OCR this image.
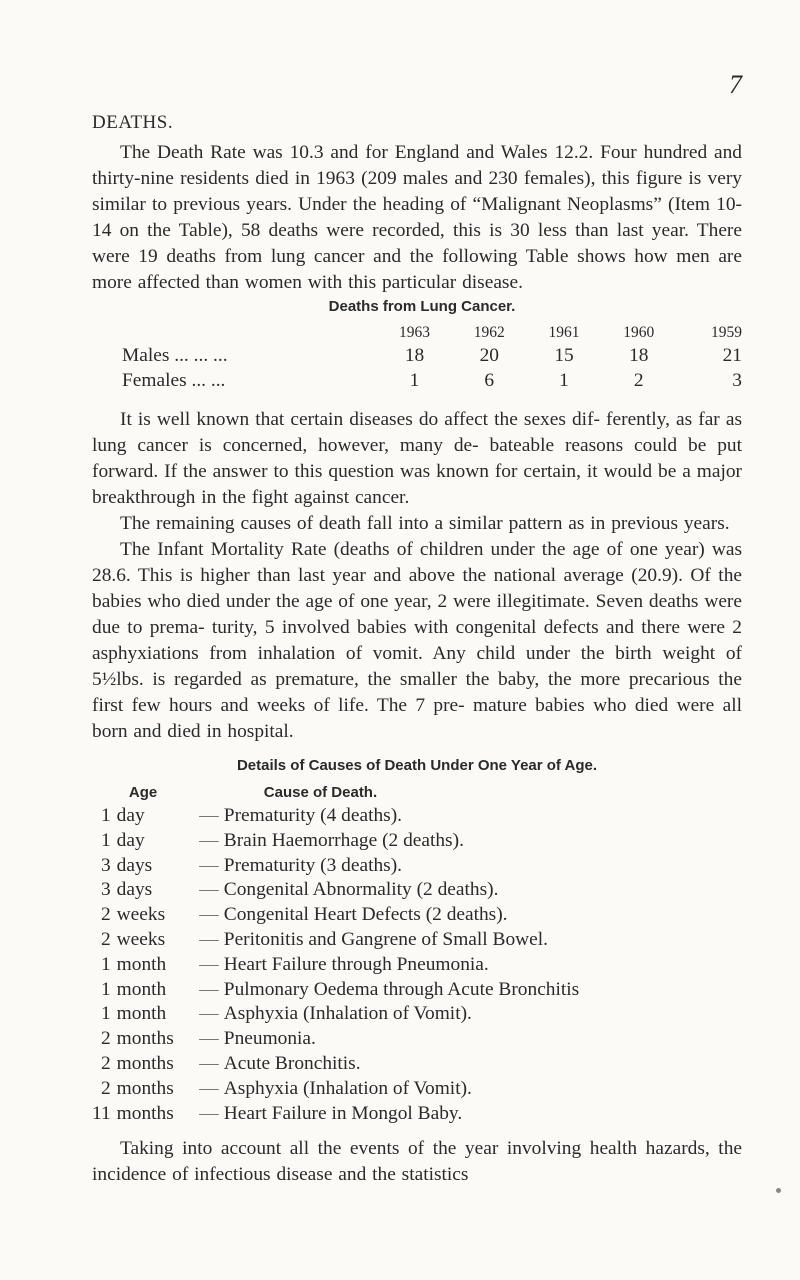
7
DEATHS.

The Death Rate was 10.3 and for England and Wales 12.2. Four hundred and thirty-nine residents died in 1963 (209 males and 230 females), this figure is very similar to previous years. Under the heading of “Malignant Neoplasms” (Item 10-14 on the Table), 58 deaths were recorded, this is 30 less than last year. There were 19 deaths from lung cancer and the following Table shows how men are more affected than women with this particular disease.

Deaths from Lung Cancer.
	1963	1962	1961	1960	1959
Males ... ... ...	18	20	15	18	21
Females ... ...	1	6	1	2	3

It is well known that certain diseases do affect the sexes dif- ferently, as far as lung cancer is concerned, however, many de- bateable reasons could be put forward. If the answer to this question was known for certain, it would be a major breakthrough in the fight against cancer.

The remaining causes of death fall into a similar pattern as in previous years.

The Infant Mortality Rate (deaths of children under the age of one year) was 28.6. This is higher than last year and above the national average (20.9). Of the babies who died under the age of one year, 2 were illegitimate. Seven deaths were due to prema- turity, 5 involved babies with congenital defects and there were 2 asphyxiations from inhalation of vomit. Any child under the birth weight of 5½lbs. is regarded as premature, the smaller the baby, the more precarious the first few hours and weeks of life. The 7 pre- mature babies who died were all born and died in hospital.

Details of Causes of Death Under One Year of Age.
Age			Cause of Death.
1	day	—	Prematurity (4 deaths).
1	day	—	Brain Haemorrhage (2 deaths).
3	days	—	Prematurity (3 deaths).
3	days	—	Congenital Abnormality (2 deaths).
2	weeks	—	Congenital Heart Defects (2 deaths).
2	weeks	—	Peritonitis and Gangrene of Small Bowel.
1	month	—	Heart Failure through Pneumonia.
1	month	—	Pulmonary Oedema through Acute Bronchitis
1	month	—	Asphyxia (Inhalation of Vomit).
2	months	—	Pneumonia.
2	months	—	Acute Bronchitis.
2	months	—	Asphyxia (Inhalation of Vomit).
11	months	—	Heart Failure in Mongol Baby.

Taking into account all the events of the year involving health hazards, the incidence of infectious disease and the statistics
